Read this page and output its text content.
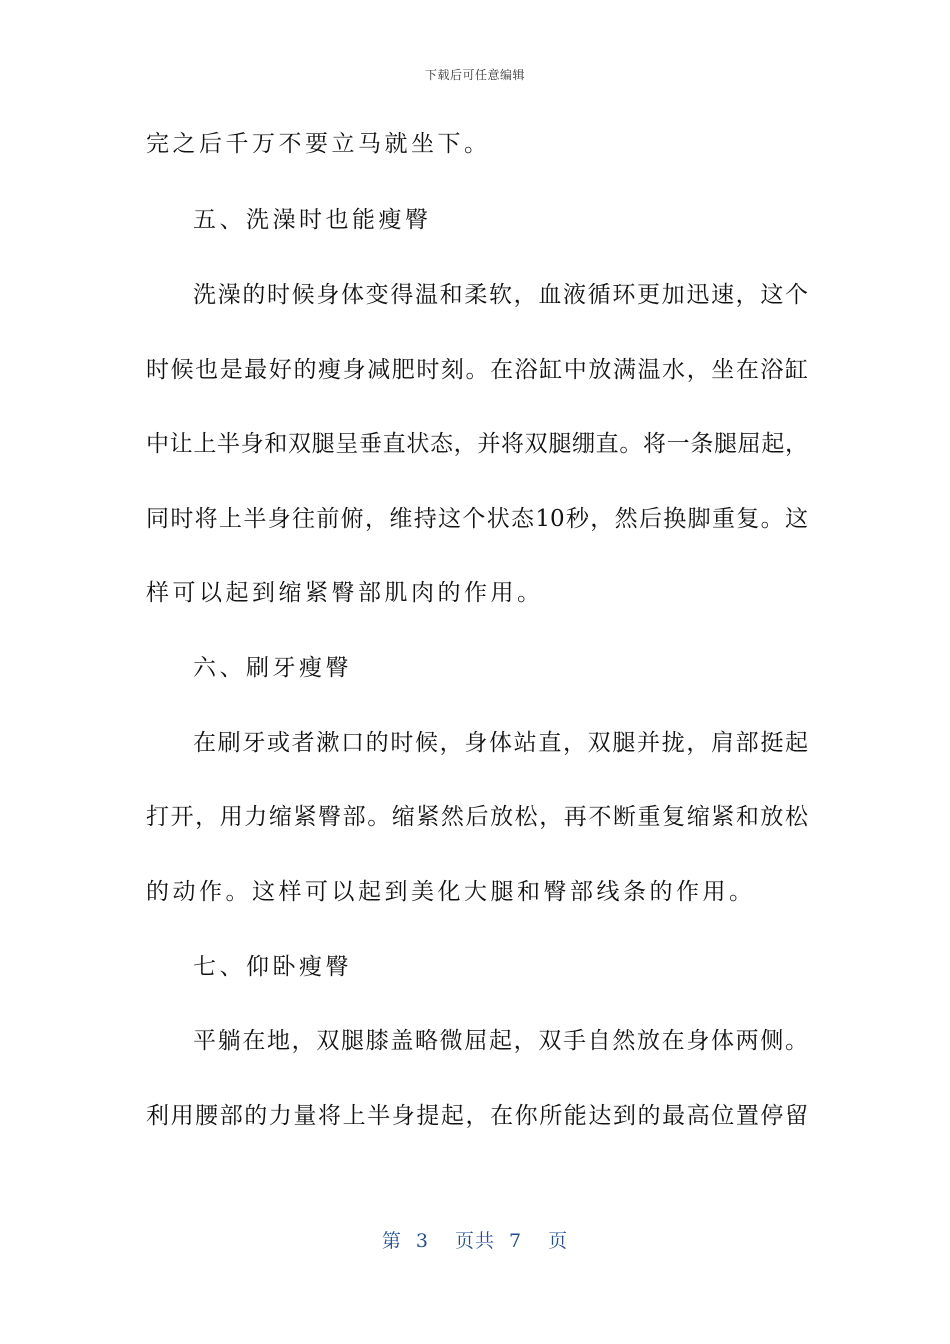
下载后可任意编辑
完之后千万不要立马就坐下。
五、洗澡时也能瘦臀
洗澡的时候身体变得温和柔软，血液循环更加迅速，这个
时候也是最好的瘦身减肥时刻。在浴缸中放满温水，坐在浴缸
中让上半身和双腿呈垂直状态，并将双腿绷直。将一条腿屈起，
同时将上半身往前俯，维持这个状态10秒，然后换脚重复。这
样可以起到缩紧臀部肌肉的作用。
六、刷牙瘦臀
在刷牙或者漱口的时候，身体站直，双腿并拢，肩部挺起
打开，用力缩紧臀部。缩紧然后放松，再不断重复缩紧和放松
的动作。这样可以起到美化大腿和臀部线条的作用。
七、仰卧瘦臀
平躺在地，双腿膝盖略微屈起，双手自然放在身体两侧。
利用腰部的力量将上半身提起，在你所能达到的最高位置停留
第 3 页共 7 页
